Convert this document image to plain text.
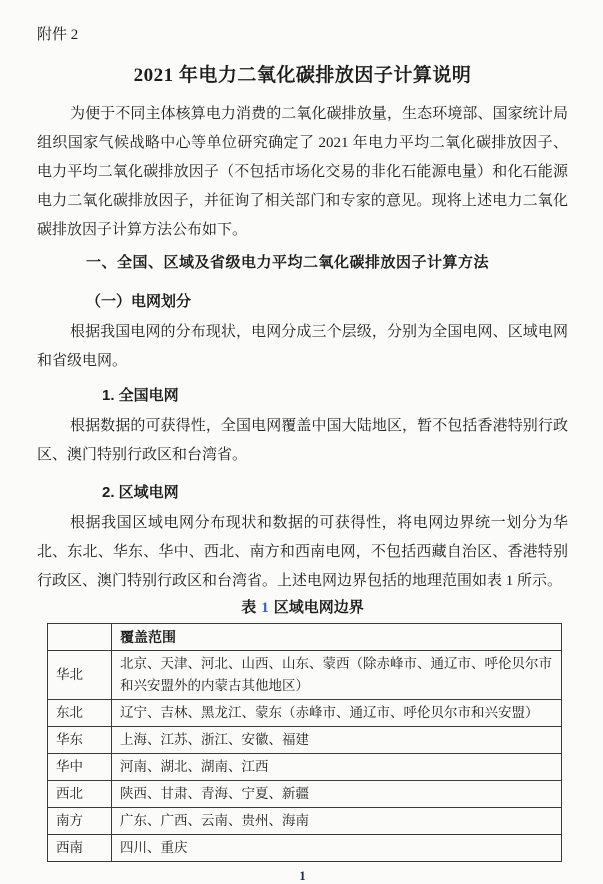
附件 2
2021 年电力二氧化碳排放因子计算说明

为便于不同主体核算电力消费的二氧化碳排放量，生态环境部、国家统计局组织国家气候战略中心等单位研究确定了 2021 年电力平均二氧化碳排放因子、电力平均二氧化碳排放因子（不包括市场化交易的非化石能源电量）和化石能源电力二氧化碳排放因子，并征询了相关部门和专家的意见。现将上述电力二氧化碳排放因子计算方法公布如下。

一、全国、区域及省级电力平均二氧化碳排放因子计算方法
（一）电网划分

根据我国电网的分布现状，电网分成三个层级，分别为全国电网、区域电网和省级电网。

1. 全国电网

根据数据的可获得性，全国电网覆盖中国大陆地区，暂不包括香港特别行政区、澳门特别行政区和台湾省。

2. 区域电网

根据我国区域电网分布现状和数据的可获得性，将电网边界统一划分为华北、东北、华东、华中、西北、南方和西南电网，不包括西藏自治区、香港特别行政区、澳门特别行政区和台湾省。上述电网边界包括的地理范围如表 1 所示。

表 1 区域电网边界
	覆盖范围
华北	北京、天津、河北、山西、山东、蒙西（除赤峰市、通辽市、呼伦贝尔市和兴安盟外的内蒙古其他地区）
东北	辽宁、吉林、黑龙江、蒙东（赤峰市、通辽市、呼伦贝尔市和兴安盟）
华东	上海、江苏、浙江、安徽、福建
华中	河南、湖北、湖南、江西
西北	陕西、甘肃、青海、宁夏、新疆
南方	广东、广西、云南、贵州、海南
西南	四川、重庆
1
